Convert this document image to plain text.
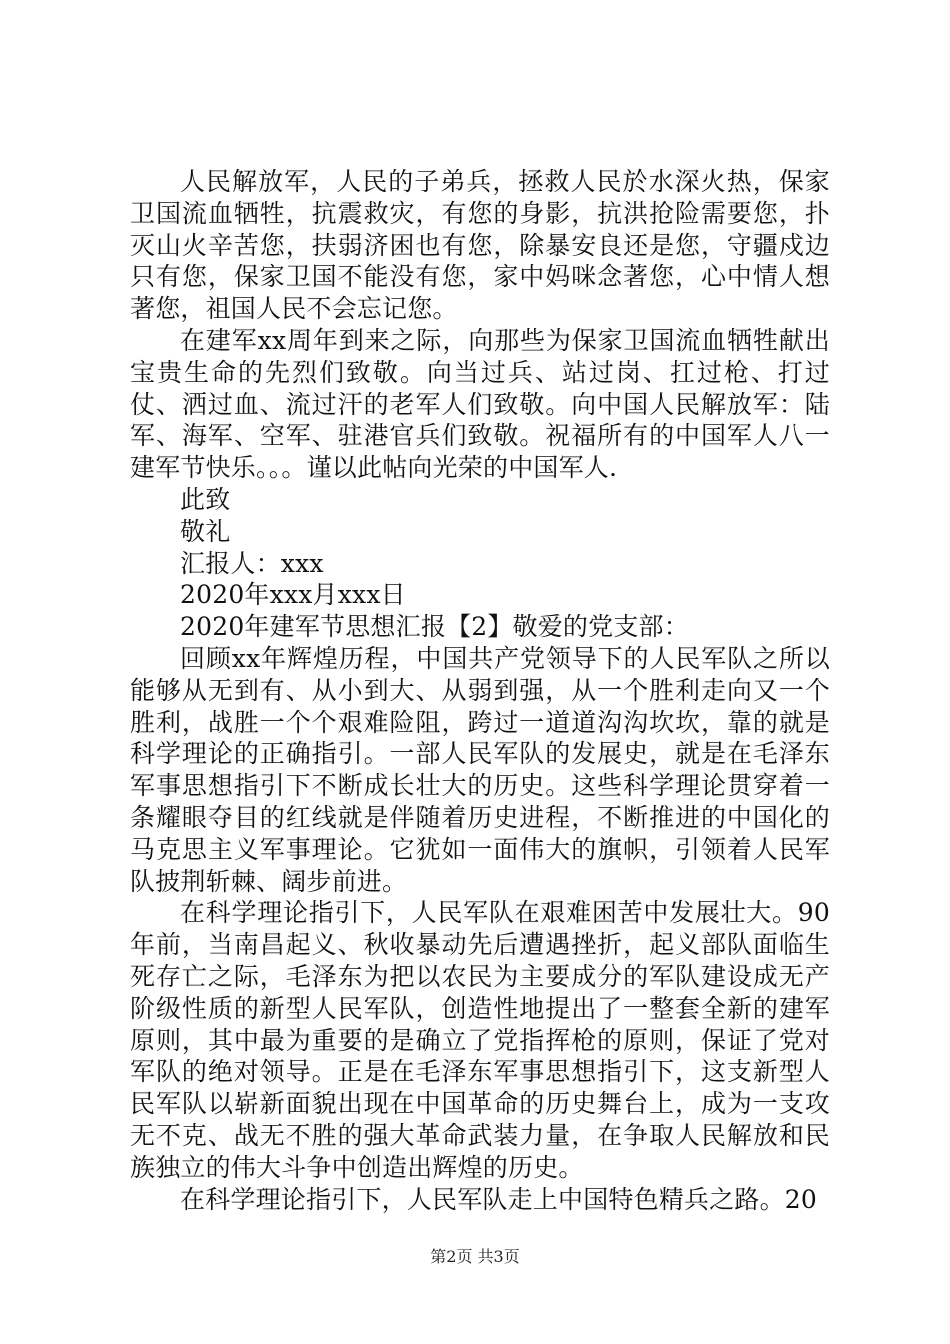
人民解放军，人民的子弟兵，拯救人民於水深火热，保家卫国流血牺牲，抗震救灾，有您的身影，抗洪抢险需要您，扑灭山火辛苦您，扶弱济困也有您，除暴安良还是您，守疆戍边只有您，保家卫国不能没有您，家中妈咪念著您，心中情人想著您，祖国人民不会忘记您。

在建军xx周年到来之际，向那些为保家卫国流血牺牲献出宝贵生命的先烈们致敬。向当过兵、站过岗、扛过枪、打过仗、洒过血、流过汗的老军人们致敬。向中国人民解放军：陆军、海军、空军、驻港官兵们致敬。祝福所有的中国军人八一建军节快乐。。。谨以此帖向光荣的中国军人.

此致

敬礼

汇报人：xxx

2020年xxx月xxx日

2020年建军节思想汇报【2】敬爱的党支部：

回顾xx年辉煌历程，中国共产党领导下的人民军队之所以能够从无到有、从小到大、从弱到强，从一个胜利走向又一个胜利，战胜一个个艰难险阻，跨过一道道沟沟坎坎，靠的就是科学理论的正确指引。一部人民军队的发展史，就是在毛泽东军事思想指引下不断成长壮大的历史。这些科学理论贯穿着一条耀眼夺目的红线就是伴随着历史进程，不断推进的中国化的马克思主义军事理论。它犹如一面伟大的旗帜，引领着人民军队披荆斩棘、阔步前进。

在科学理论指引下，人民军队在艰难困苦中发展壮大。90年前，当南昌起义、秋收暴动先后遭遇挫折，起义部队面临生死存亡之际，毛泽东为把以农民为主要成分的军队建设成无产阶级性质的新型人民军队，创造性地提出了一整套全新的建军原则，其中最为重要的是确立了党指挥枪的原则，保证了党对军队的绝对领导。正是在毛泽东军事思想指引下，这支新型人民军队以崭新面貌出现在中国革命的历史舞台上，成为一支攻无不克、战无不胜的强大革命武装力量，在争取人民解放和民族独立的伟大斗争中创造出辉煌的历史。

在科学理论指引下，人民军队走上中国特色精兵之路。20

第2页 共3页
